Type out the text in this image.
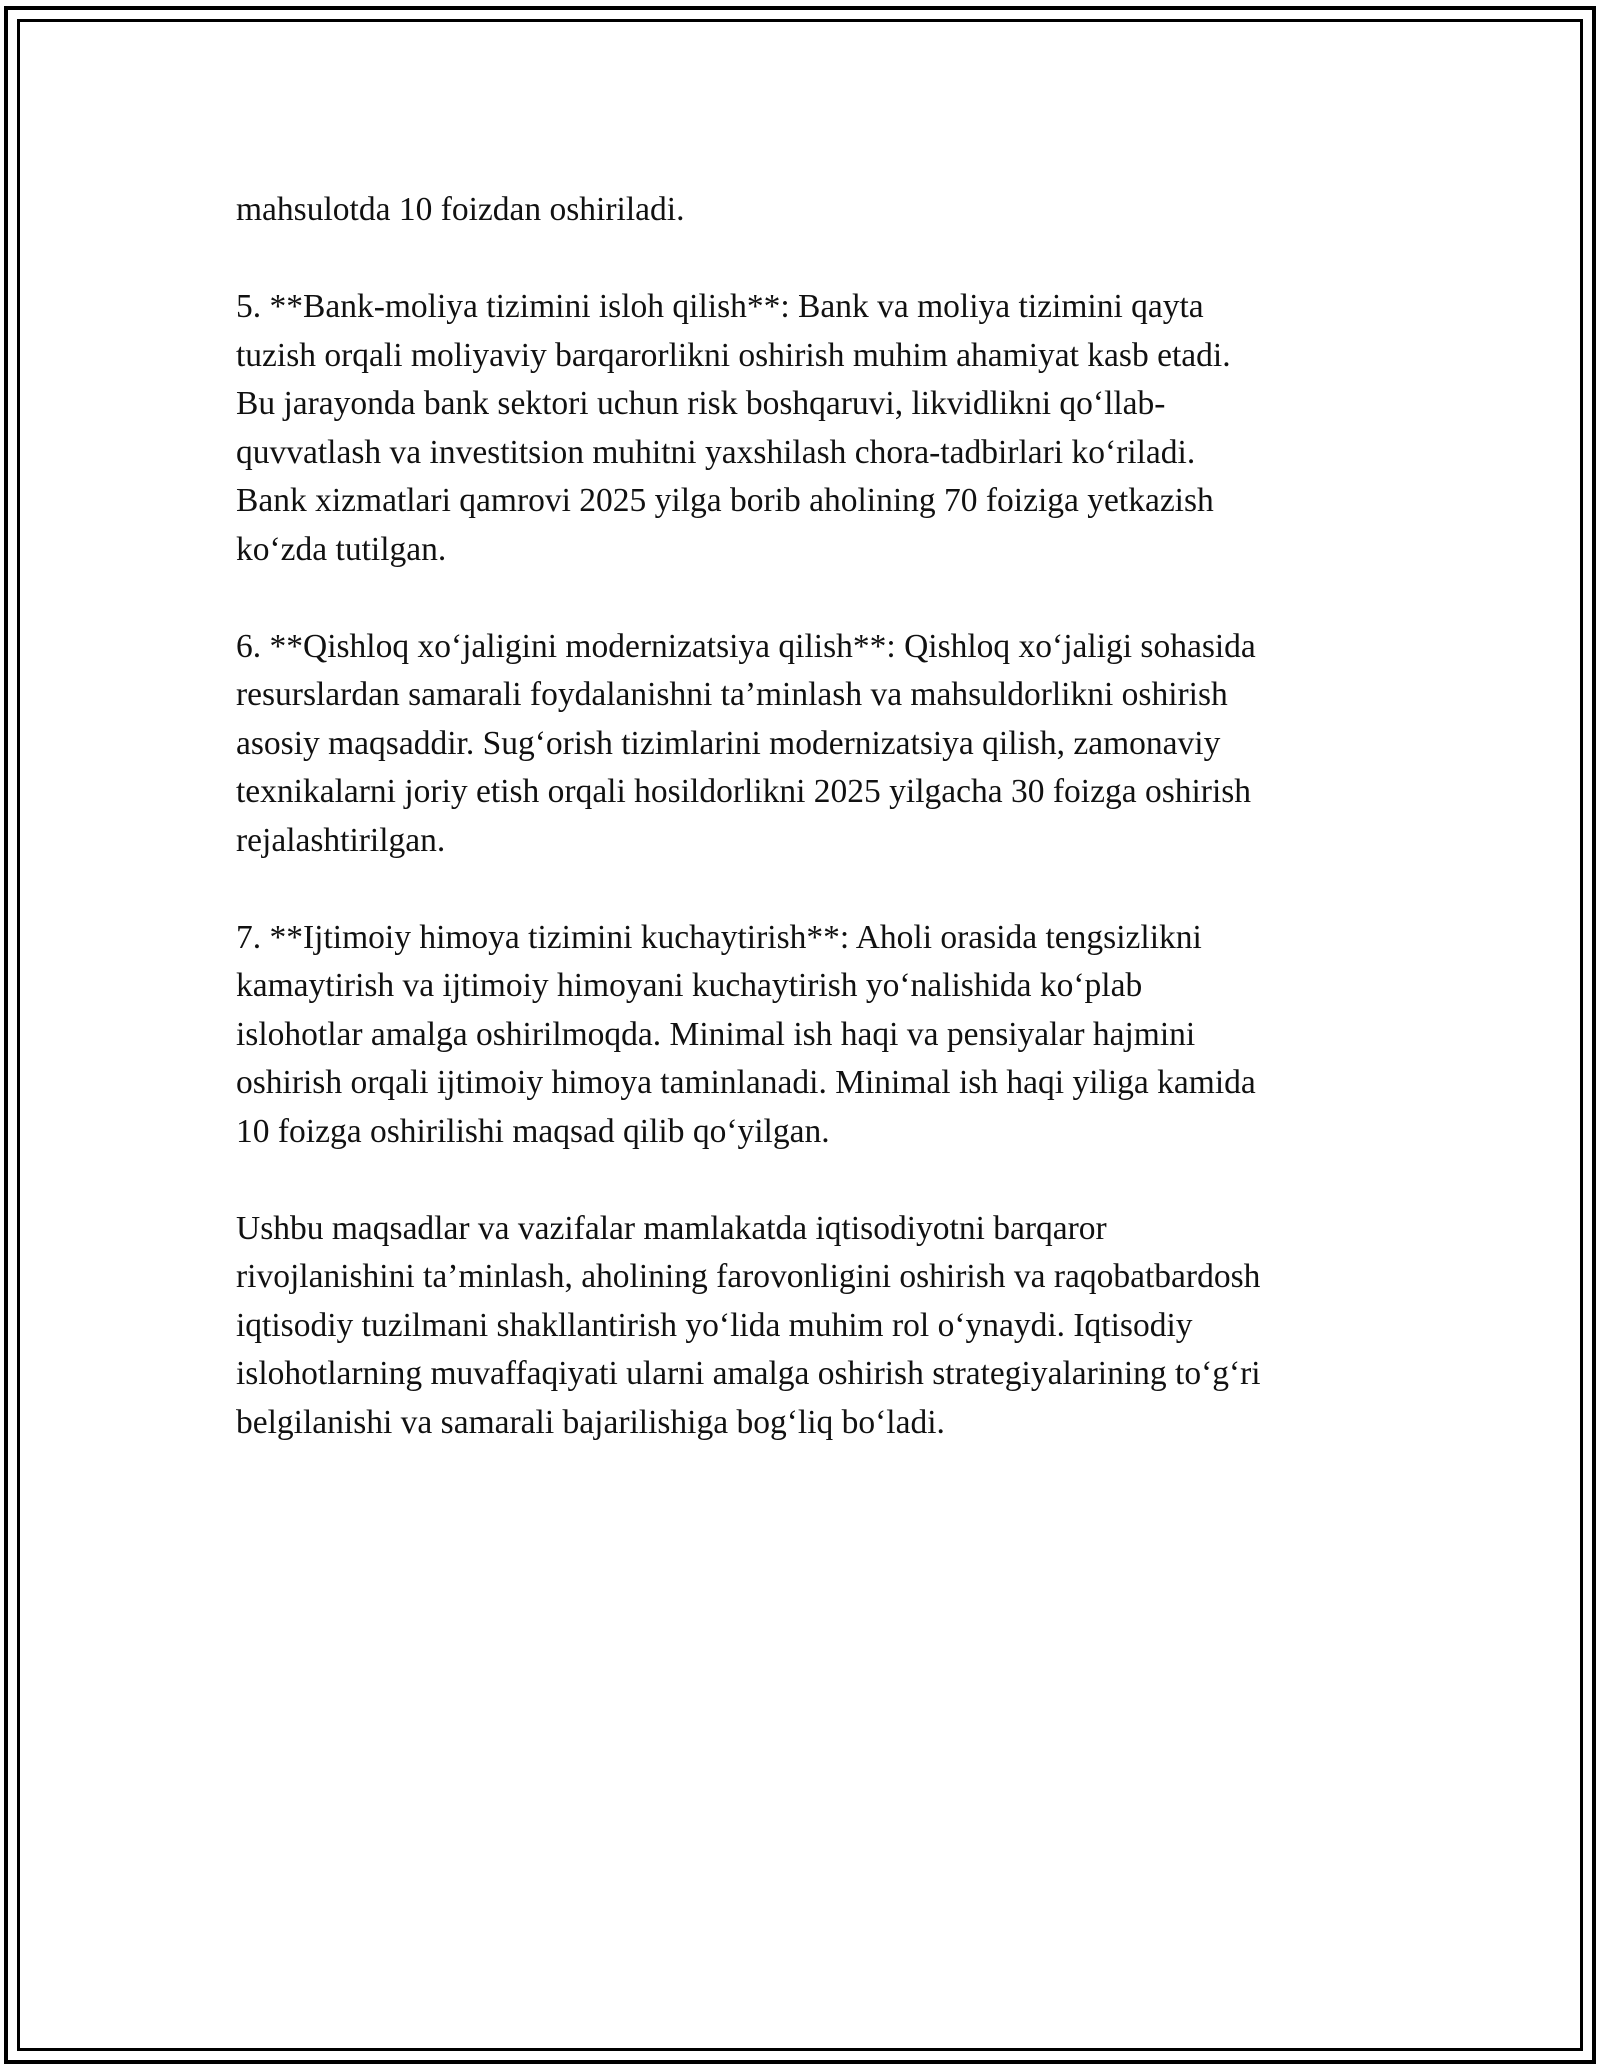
mahsulotda 10 foizdan oshiriladi.

5. **Bank-moliya tizimini isloh qilish**: Bank va moliya tizimini qayta
tuzish orqali moliyaviy barqarorlikni oshirish muhim ahamiyat kasb etadi.
Bu jarayonda bank sektori uchun risk boshqaruvi, likvidlikni qo‘llab-
quvvatlash va investitsion muhitni yaxshilash chora-tadbirlari ko‘riladi.
Bank xizmatlari qamrovi 2025 yilga borib aholining 70 foiziga yetkazish
ko‘zda tutilgan.

6. **Qishloq xo‘jaligini modernizatsiya qilish**: Qishloq xo‘jaligi sohasida
resurslardan samarali foydalanishni ta’minlash va mahsuldorlikni oshirish
asosiy maqsaddir. Sug‘orish tizimlarini modernizatsiya qilish, zamonaviy
texnikalarni joriy etish orqali hosildorlikni 2025 yilgacha 30 foizga oshirish
rejalashtirilgan.

7. **Ijtimoiy himoya tizimini kuchaytirish**: Aholi orasida tengsizlikni
kamaytirish va ijtimoiy himoyani kuchaytirish yo‘nalishida ko‘plab
islohotlar amalga oshirilmoqda. Minimal ish haqi va pensiyalar hajmini
oshirish orqali ijtimoiy himoya taminlanadi. Minimal ish haqi yiliga kamida
10 foizga oshirilishi maqsad qilib qo‘yilgan.

Ushbu maqsadlar va vazifalar mamlakatda iqtisodiyotni barqaror
rivojlanishini ta’minlash, aholining farovonligini oshirish va raqobatbardosh
iqtisodiy tuzilmani shakllantirish yo‘lida muhim rol o‘ynaydi. Iqtisodiy
islohotlarning muvaffaqiyati ularni amalga oshirish strategiyalarining to‘g‘ri
belgilanishi va samarali bajarilishiga bog‘liq bo‘ladi.
